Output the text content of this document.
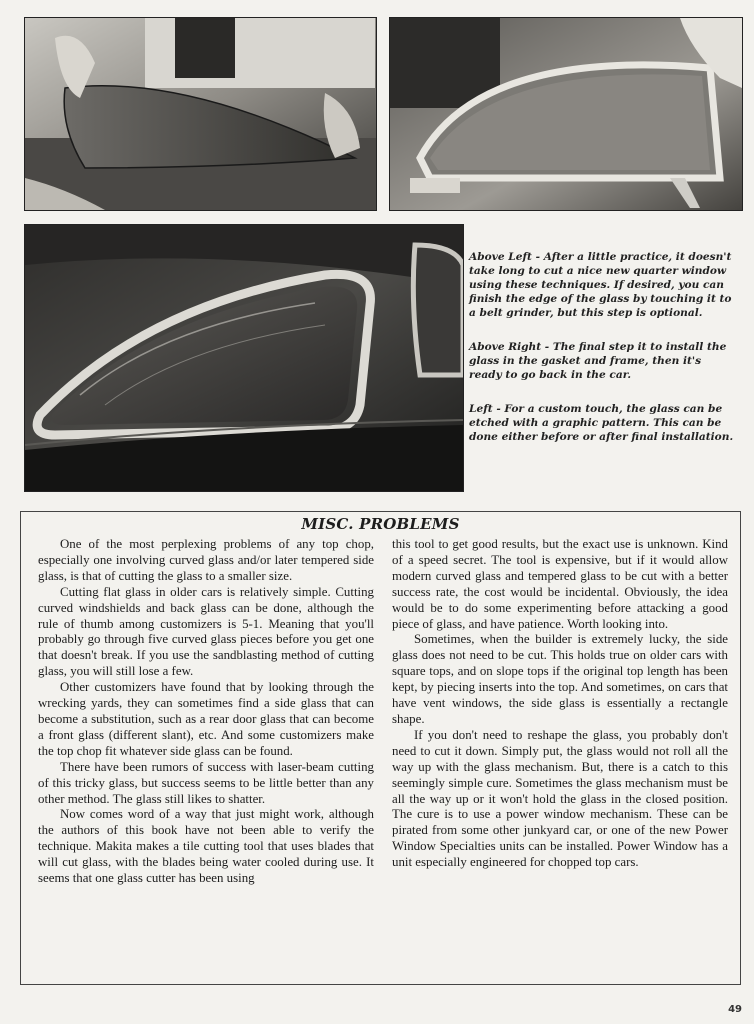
Above Left - After a little practice, it doesn't take long to cut a nice new quarter window using these techniques. If desired, you can finish the edge of the glass by touching it to a belt grinder, but this step is optional.

Above Right - The final step it to install the glass in the gasket and frame, then it's ready to go back in the car.

Left - For a custom touch, the glass can be etched with a graphic pattern. This can be done either before or after final installation.

MISC. PROBLEMS

One of the most perplexing problems of any top chop, especially one involving curved glass and/or later tempered side glass, is that of cutting the glass to a smaller size.

Cutting flat glass in older cars is relatively simple. Cutting curved windshields and back glass can be done, although the rule of thumb among customizers is 5-1. Meaning that you'll probably go through five curved glass pieces before you get one that doesn't break. If you use the sandblasting method of cutting glass, you will still lose a few.

Other customizers have found that by looking through the wrecking yards, they can sometimes find a side glass that can become a substitution, such as a rear door glass that can become a front glass (different slant), etc. And some customizers make the top chop fit whatever side glass can be found.

There have been rumors of success with laser-beam cutting of this tricky glass, but success seems to be little better than any other method. The glass still likes to shatter.

Now comes word of a way that just might work, although the authors of this book have not been able to verify the technique. Makita makes a tile cutting tool that uses blades that will cut glass, with the blades being water cooled during use. It seems that one glass cutter has been using

this tool to get good results, but the exact use is unknown. Kind of a speed secret. The tool is expensive, but if it would allow modern curved glass and tempered glass to be cut with a better success rate, the cost would be incidental. Obviously, the idea would be to do some experimenting before attacking a good piece of glass, and have patience. Worth looking into.

Sometimes, when the builder is extremely lucky, the side glass does not need to be cut. This holds true on older cars with square tops, and on slope tops if the original top length has been kept, by piecing inserts into the top. And sometimes, on cars that have vent windows, the side glass is essentially a rectangle shape.

If you don't need to reshape the glass, you probably don't need to cut it down. Simply put, the glass would not roll all the way up with the glass mechanism. But, there is a catch to this seemingly simple cure. Sometimes the glass mechanism must be all the way up or it won't hold the glass in the closed position. The cure is to use a power window mechanism. These can be pirated from some other junkyard car, or one of the new Power Window Specialties units can be installed. Power Window has a unit especially engineered for chopped top cars.

49
